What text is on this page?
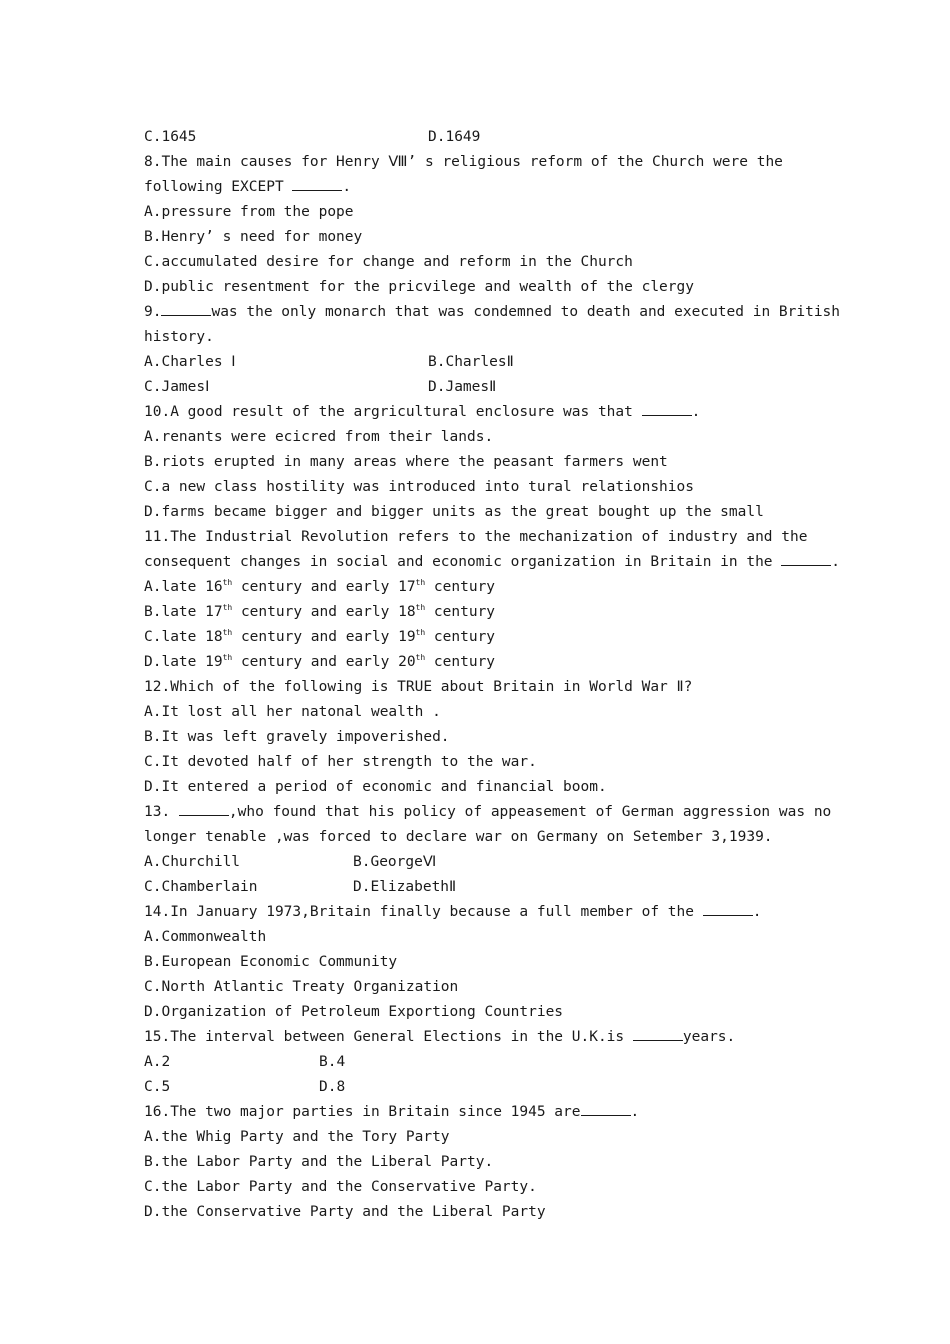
C.1645	D.1649
8.The main causes for Henry Ⅷ’ s religious reform of the Church were the
following EXCEPT	.
A.pressure from the pope
B.Henry’ s need for money
C.accumulated desire for change and reform in the Church
D.public resentment for the pricvilege and wealth of the clergy
9.	was the only monarch that was condemned to death and executed in British
history.
A.Charles Ⅰ	B.CharlesⅡ
C.JamesⅠ	D.JamesⅡ
10.A good result of the argricultural enclosure was that	.
A.renants were ecicred from their lands.
B.riots erupted in many areas where the peasant farmers went
C.a new class hostility was introduced into tural relationshios
D.farms became bigger and bigger units as the great bought up the small
11.The Industrial Revolution refers to the mechanization of industry and the
consequent changes in social and economic organization in Britain in the	.
A.late 16th century and early 17th century
B.late 17th century and early 18th century
C.late 18th century and early 19th century
D.late 19th century and early 20th century
12.Which of the following is TRUE about Britain in World War Ⅱ?
A.It lost all her natonal wealth .
B.It was left gravely impoverished.
C.It devoted half of her strength to the war.
D.It entered a period of economic and financial boom.
13.	,who found that his policy of appeasement of German aggression was no
longer tenable ,was forced to declare war on Germany on Setember 3,1939.
A.Churchill	B.GeorgeⅥ
C.Chamberlain	D.ElizabethⅡ
14.In January 1973,Britain finally because a full member of the	.
A.Commonwealth
B.European Economic Community
C.North Atlantic Treaty Organization
D.Organization of Petroleum Exportiong Countries
15.The interval between General Elections in the U.K.is	years.
A.2	B.4
C.5	D.8
16.The two major parties in Britain since 1945 are	.
A.the Whig Party and the Tory Party
B.the Labor Party and the Liberal Party.
C.the Labor Party and the Conservative Party.
D.the Conservative Party and the Liberal Party
